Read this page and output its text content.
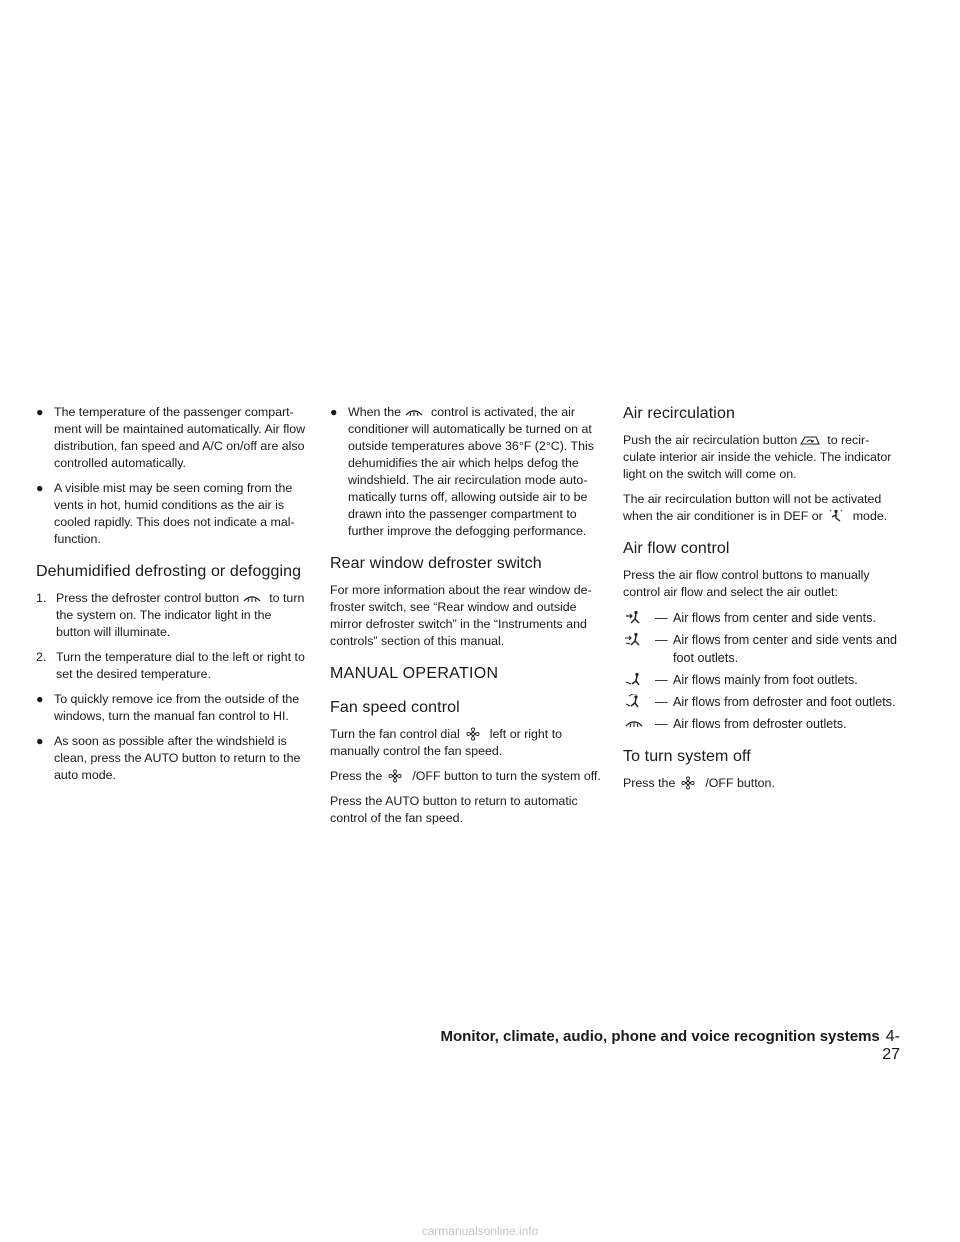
● The temperature of the passenger compart-ment will be maintained automatically. Air flow distribution, fan speed and A/C on/off are also controlled automatically.
● A visible mist may be seen coming from the vents in hot, humid conditions as the air is cooled rapidly. This does not indicate a mal-function.
Dehumidified defrosting or defogging
1. Press the defroster control button to turn the system on. The indicator light in the button will illuminate.
2. Turn the temperature dial to the left or right to set the desired temperature.
● To quickly remove ice from the outside of the windows, turn the manual fan control to HI.
● As soon as possible after the windshield is clean, press the AUTO button to return to the auto mode.
● When the control is activated, the air conditioner will automatically be turned on at outside temperatures above 36°F (2°C). This dehumidifies the air which helps defog the windshield. The air recirculation mode auto-matically turns off, allowing outside air to be drawn into the passenger compartment to further improve the defogging performance.
Rear window defroster switch

For more information about the rear window de-froster switch, see “Rear window and outside mirror defroster switch” in the “Instruments and controls” section of this manual.

MANUAL OPERATION
Fan speed control

Turn the fan control dial left or right to manually control the fan speed.

Press the /OFF button to turn the system off.

Press the AUTO button to return to automatic control of the fan speed.

Air recirculation

Push the air recirculation button to recir-culate interior air inside the vehicle. The indicator light on the switch will come on.

The air recirculation button will not be activated when the air conditioner is in DEF or mode.

Air flow control

Press the air flow control buttons to manually control air flow and select the air outlet:

— Air flows from center and side vents.
— Air flows from center and side vents and foot outlets.
— Air flows mainly from foot outlets.
— Air flows from defroster and foot outlets.
— Air flows from defroster outlets.
To turn system off

Press the /OFF button.

Monitor, climate, audio, phone and voice recognition systems 4-27
carmanualsonline.info
